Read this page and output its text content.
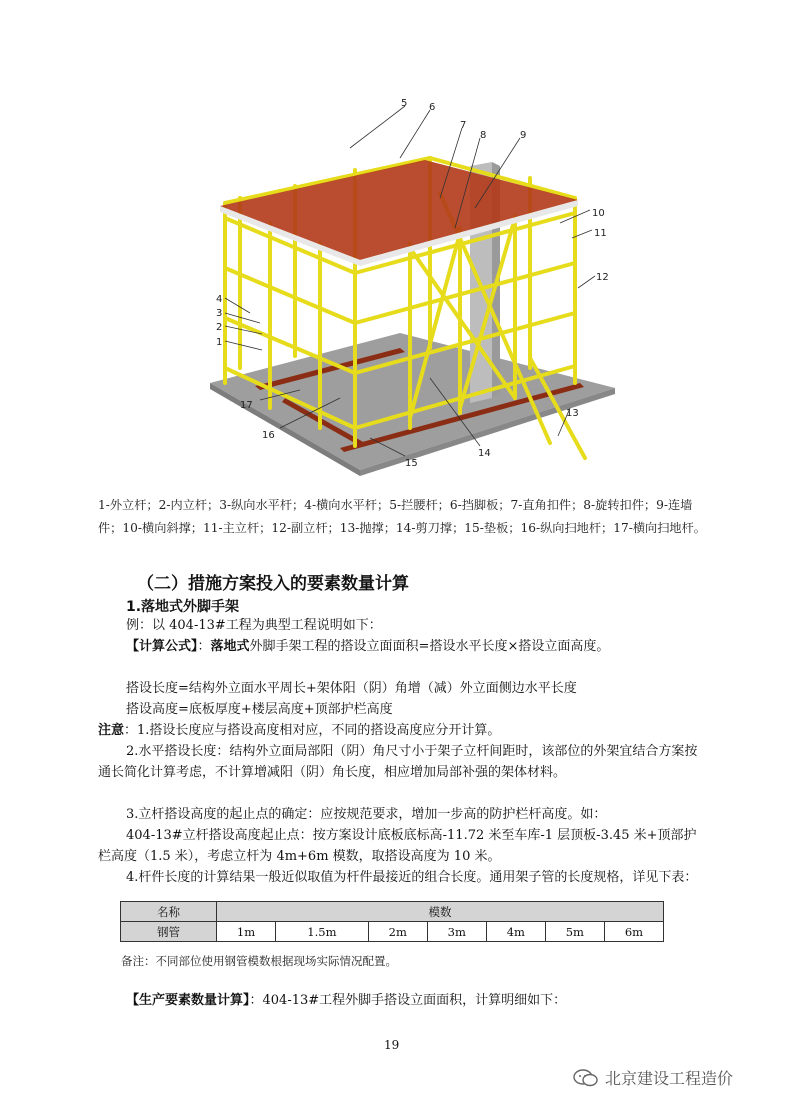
5 6
7
8	9
10
11
12
13
14
15
16
17
4
3
2
1
1-外立杆；2-内立杆；3-纵向水平杆；4-横向水平杆；5-拦腰杆；6-挡脚板；7-直角扣件；8-旋转扣件；9-连墙件；10-横向斜撑；11-主立杆；12-副立杆；13-抛撑；14-剪刀撑；15-垫板；16-纵向扫地杆；17-横向扫地杆。
（二）措施方案投入的要素数量计算
1.落地式外脚手架
例：以 404-13#工程为典型工程说明如下：
【计算公式】：落地式外脚手架工程的搭设立面面积=搭设水平长度×搭设立面高度。
搭设长度=结构外立面水平周长+架体阳（阴）角增（减）外立面侧边水平长度
搭设高度=底板厚度+楼层高度+顶部护栏高度
注意：1.搭设长度应与搭设高度相对应，不同的搭设高度应分开计算。
2.水平搭设长度：结构外立面局部阳（阴）角尺寸小于架子立杆间距时，该部位的外架宜结合方案按通长简化计算考虑，不计算增减阳（阴）角长度，相应增加局部补强的架体材料。
3.立杆搭设高度的起止点的确定：应按规范要求，增加一步高的防护栏杆高度。如：
404-13#立杆搭设高度起止点：按方案设计底板底标高-11.72 米至车库-1 层顶板-3.45 米+顶部护栏高度（1.5 米），考虑立杆为 4m+6m 模数，取搭设高度为 10 米。
4.杆件长度的计算结果一般近似取值为杆件最接近的组合长度。通用架子管的长度规格，详见下表：
名称	模数						
钢管	1m	1.5m	2m	3m	4m	5m	6m
备注：不同部位使用钢管模数根据现场实际情况配置。
【生产要素数量计算】：404-13#工程外脚手搭设立面面积，计算明细如下：
19
北京建设工程造价
